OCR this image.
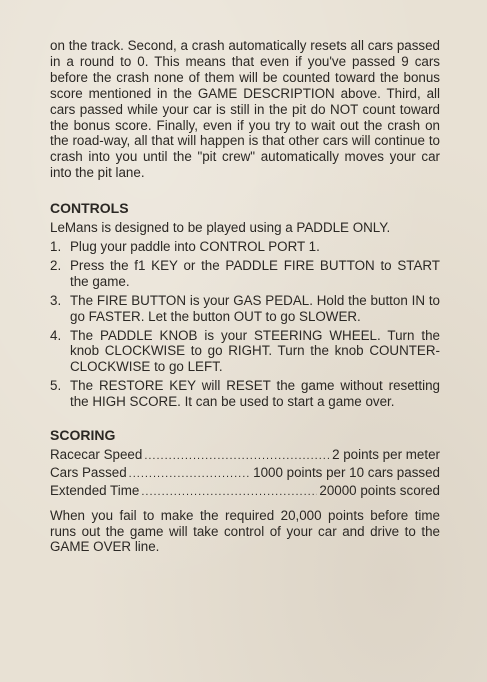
on the track. Second, a crash automatically resets all cars passed in a round to 0. This means that even if you've passed 9 cars before the crash none of them will be counted toward the bonus score mentioned in the GAME DESCRIPTION above. Third, all cars passed while your car is still in the pit do NOT count toward the bonus score. Finally, even if you try to wait out the crash on the road-way, all that will happen is that other cars will continue to crash into you until the "pit crew" automatically moves your car into the pit lane.

CONTROLS

LeMans is designed to be played using a PADDLE ONLY.

1. Plug your paddle into CONTROL PORT 1.
2. Press the f1 KEY or the PADDLE FIRE BUTTON to START the game.
3. The FIRE BUTTON is your GAS PEDAL. Hold the button IN to go FASTER. Let the button OUT to go SLOWER.
4. The PADDLE KNOB is your STEERING WHEEL. Turn the knob CLOCKWISE to go RIGHT. Turn the knob COUNTER-CLOCKWISE to go LEFT.
5. The RESTORE KEY will RESET the game without resetting the HIGH SCORE. It can be used to start a game over.
SCORING
Racecar Speed .....	2 points per meter
Cars Passed .....	1000 points per 10 cars passed
Extended Time .....	20000 points scored

When you fail to make the required 20,000 points before time runs out the game will take control of your car and drive to the GAME OVER line.
